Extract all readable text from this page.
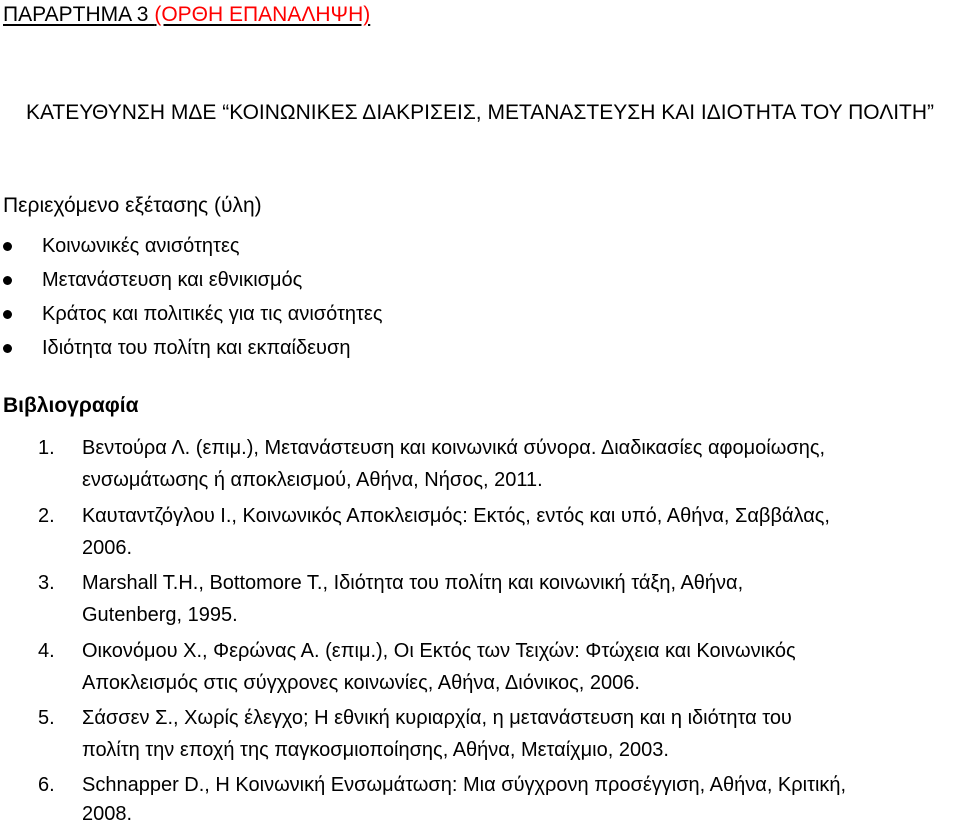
ΠΑΡΑΡΤΗΜΑ 3 (ΟΡΘΗ ΕΠΑΝΑΛΗΨΗ)
ΚΑΤΕΥΘΥΝΣΗ ΜΔΕ “ΚΟΙΝΩΝΙΚΕΣ ΔΙΑΚΡΙΣΕΙΣ, ΜΕΤΑΝΑΣΤΕΥΣΗ ΚΑΙ ΙΔΙΟΤΗΤΑ ΤΟΥ ΠΟΛΙΤΗ”
Περιεχόμενο εξέτασης (ύλη)
Κοινωνικές ανισότητες
Μετανάστευση και εθνικισμός
Κράτος και πολιτικές για τις ανισότητες
Ιδιότητα του πολίτη και εκπαίδευση
Βιβλιογραφία
1. Βεντούρα Λ. (επιμ.), Μετανάστευση και κοινωνικά σύνορα. Διαδικασίες αφομοίωσης,
ενσωμάτωσης ή αποκλεισμού, Αθήνα, Νήσος, 2011.
2. Καυταντζόγλου Ι., Κοινωνικός Αποκλεισμός: Εκτός, εντός και υπό, Αθήνα, Σαββάλας,
2006.
3. Marshall T.H., Bottomore T., Ιδιότητα του πολίτη και κοινωνική τάξη, Αθήνα,
Gutenberg, 1995.
4. Οικονόμου Χ., Φερώνας Α. (επιμ.), Οι Εκτός των Τειχών: Φτώχεια και Κοινωνικός
Αποκλεισμός στις σύγχρονες κοινωνίες, Αθήνα, Διόνικος, 2006.
5. Σάσσεν Σ., Χωρίς έλεγχο; Η εθνική κυριαρχία, η μετανάστευση και η ιδιότητα του
πολίτη την εποχή της παγκοσμιοποίησης, Αθήνα, Μεταίχμιο, 2003.
6. Schnapper D., Η Κοινωνική Ενσωμάτωση: Μια σύγχρονη προσέγγιση, Αθήνα, Κριτική,
2008.
